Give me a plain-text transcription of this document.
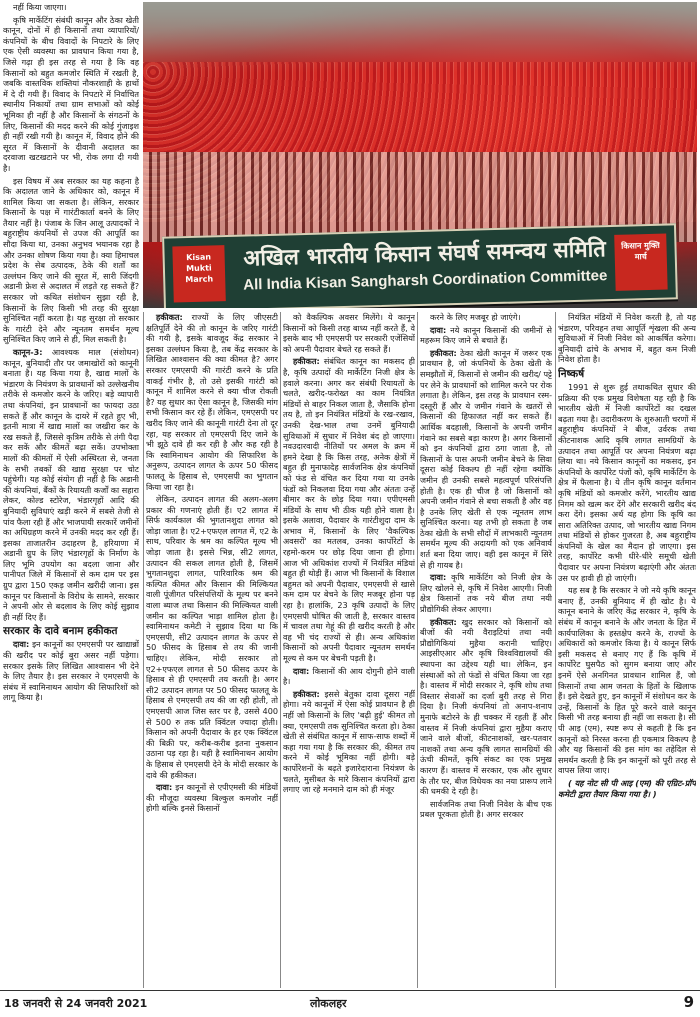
नहीं किया जाएगा।

कृषि मार्केटिंग संबंधी कानून और ठेका खेती कानून, दोनों में ही किसानों तथा व्यापारियों/ कंपनियों के बीच विवादों के निपटारे के लिए एक ऐसी व्यवस्था का प्रावधान किया गया है, जिसे गढ़ा ही इस तरह से गया है कि वह किसानों को बहुत कमजोर स्थिति में रखती है, जबकि वास्तविक शक्तियां नौकरशाही के हाथों में दे दी गयी हैं। विवाद के निपटारे में निर्वाचित स्थानीय निकायों तथा ग्राम सभाओं को कोई भूमिका ही नहीं है और किसानों के संगठनों के लिए, किसानों की मदद करने की कोई गुंजाइश ही नहीं रखी गयी है। कानून में, विवाद होने की सूरत में किसानों के दीवानी अदालत का दरवाजा खटखटाने पर भी, रोक लगा दी गयी है।

इस विषय में अब सरकार का यह कहना है कि अदालत जाने के अधिकार को, कानून में शामिल किया जा सकता है। लेकिन, सरकार किसानों के पक्ष में गारंटीकार्ता बनने के लिए तैयार नहीं है। पंजाब के जिन आलू उत्पादकों ने बहुराष्ट्रीय कंपनियों से उपज की आपूर्ति का सौदा किया था, उनका अनुभव भयानक रहा है और उनका शोषण किया गया है। क्या हिमाचल प्रदेश के सेब उत्पादक, ठेके की शर्तों का उल्लंघन किए जाने की सूरत में, सारी जिंदगी अडानी फ्रेश से अदालत में लड़ते रह सकते हैं? सरकार जो कथित संशोधन सुझा रही है, किसानों के लिए किसी भी तरह की सुरक्षा सुनिश्चित नहीं करता है। यह सुरक्षा तो सरकार के गारंटी देने और न्यूनतम समर्थन मूल्य सुनिश्चित किए जाने से ही, मिल सकती है।

कानून-3: आवश्यक माल (संशोधन) कानून, बुनियादी तौर पर जमाखोरों को कानूनी बनाता है। यह किया गया है, खाद्य मालों के भंडारण के नियंत्रण के प्रावधानों को उल्लेखनीय तरीके से कमजोर करने के जरिए। बड़े व्यापारी तथा कंपनियां, इन प्रावधानों का फायदा उठा सकते हैं और कानून के दायरे में रहते हुए भी, इतनी मात्रा में खाद्य मालों का जखीरा कर के रख सकते हैं, जिससे कृत्रिम तरीके से तंगी पैदा कर सकें और कीमतें बढ़ा सकें। उपभोक्ता मालों की कीमतों में ऐसी अस्थिरता से, जनता के सभी तबकों की खाद्य सुरक्षा पर चोट पहुंचेगी। यह कोई संयोग ही नहीं है कि अडानी की कंपनियां, बैंकों के रियायती कर्जों का सहारा लेकर, कोल्ड स्टोरेज, भंडारगृहों आदि की बुनियादी सुविधाएं खड़ी करने में सबसे तेजी से पांव फैला रही हैं और भाजपायी सरकारें जमीनों का अधिग्रहण करने में उनकी मदद कर रही हैं। इसका ताजातरीन उदाहरण है, हरियाणा में अडानी ग्रुप के लिए भंडारगृहों के निर्माण के लिए भूमि उपयोग का बदला जाना और पानीपत जिले में किसानों से कम दाम पर इस ग्रुप द्वारा 150 एकड़ जमीन खरीदी जाना। इस कानून पर किसानों के विरोध के सामने, सरकार ने अपनी ओर से बदलाव के लिए कोई सुझाव ही नहीं दिए हैं।

सरकार के दावे बनाम हकीकत

दावा: इन कानूनों का एमएसपी पर खाद्यान्नों की खरीद पर कोई बुरा असर नहीं पड़ेगा। सरकार इसके लिए लिखित आश्वासन भी देने के लिए तैयार है। इस सरकार ने एमएसपी के संबंध में स्वामिनाथन आयोग की सिफारिशों को लागू किया है।

Kisan Mukti March
अखिल भारतीय किसान संघर्ष समन्वय समिति
All India Kisan Sangharsh Coordination Committee
किसान मुक्ति मार्च

हकीकत: राज्यों के लिए जीएसटी क्षतिपूर्ति देने की तो कानून के जरिए गारंटी की गयी है, इसके बावजूद केंद्र सरकार ने इसका उल्लंघन किया है, तब केंद्र सरकार के लिखित आश्वासन की क्या कीमत है? अगर सरकार एमएसपी की गारंटी करने के प्रति वाकई गंभीर है, तो उसे इसकी गारंटी को कानून में शामिल करने से क्या चीज रोकती है? यह सुधार का ऐसा कानून है, जिसकी मांग सभी किसान कर रहे हैं। लेकिन, एमएसपी पर खरीद किए जाने की कानूनी गारंटी देना तो दूर रहा, यह सरकार तो एमएसपी दिए जाने के भी झूठे दावे ही कर रही है और कह रही है कि स्वामिनाथन आयोग की सिफारिश के अनुरूप, उत्पादन लागत के ऊपर 50 फीसद फालतू के हिसाब से, एमएसपी का भुगतान किया जा रहा है।

लेकिन, उत्पादन लागत की अलग-अलग प्रकार की गणनाएं होती हैं। ए2 लागत में सिर्फ कार्यकाल की भुगतानशुदा लागत को जोड़ा जाता है। ए2+एफएल लागत में, ए2 के साथ, परिवार के श्रम का कल्पित मूल्य भी जोड़ा जाता है। इससे भिन्न, सी2 लागत, उत्पादन की सकल लागत होती है, जिसमें भुगतानशुदा लागत, पारिवारिक श्रम की कल्पित कीमत और किसान की मिल्कियत वाली पूंजीगत परिसंपत्तियों के मूल्य पर बनने वाला ब्याज तथा किसान की मिल्कियत वाली जमीन का कल्पित भाड़ा शामिल होता है। स्वामिनाथन कमेटी ने सुझाव दिया था कि एमएसपी, सी2 उत्पादन लागत के ऊपर से 50 फीसद के हिसाब से तय की जानी चाहिए। लेकिन, मोदी सरकार तो ए2+एफएल लागत से 50 फीसद ऊपर के हिसाब से ही एमएसपी तय करती है। अगर सी2 उत्पादन लागत पर 50 फीसद फालतू के हिसाब से एमएसपी तय की जा रही होती, तो एमएसपी आज जिस स्तर पर है, उससे 400 से 500 रु तक प्रति क्विंटल ज्यादा होती। किसान को अपनी पैदावार के हर एक क्विंटल की बिक्री पर, करीब-करीब इतना नुकसान उठाना पड़ रहा है। यही है स्वामिनाथन आयोग के हिसाब से एमएसपी देने के मोदी सरकार के दावे की हकीकत।

दावा: इन कानूनों से एपीएमसी की मंडियों की मौजूदा व्यवस्था बिल्कुल कमजोर नहीं होगी बल्कि इनसे किसानों

को वैकल्पिक अवसर मिलेंगे। ये कानून किसानों को किसी तरह बाध्य नहीं करते हैं, वे इसके बाद भी एमएसपी पर सरकारी एजेंसियों को अपनी पैदावार बेचते रह सकते हैं।

हकीकत: संबंधित कानून का मकसद ही है, कृषि उत्पादों की मार्केटिंग निजी क्षेत्र के हवाले करना। अगर कर संबंधी रियायतों के चलते, खरीद-फरोख्त का काम नियंत्रित मंडियों से बाहर निकल जाता है, जैसाकि होना तय है, तो इन नियंत्रित मंडियों के रख-रखाव, उनकी देख-भाल तथा उनमें बुनियादी सुविधाओं में सुधार में निवेश बंद हो जाएगा। नवउदारवादी नीतियों पर अमल के क्रम में हमने देखा है कि किस तरह, अनेक क्षेत्रों में बहुत ही मुनाफादेह सार्वजनिक क्षेत्र कंपनियों को फंड से वंचित कर दिया गया या उनके फंडों को निकलवा दिया गया और अंततः उन्हें बीमार कर के छोड़ दिया गया। एपीएमसी मंडियों के साथ भी ठीक यही होने वाला है। इसके अलावा, पैदावार के गारंटीशुदा दाम के अभाव में, किसानों के लिए 'वैकल्पिक अवसरों' का मतलब, उनका कार्पोरेटों के रहमो-करम पर छोड़ दिया जाना ही होगा। आज भी अधिकांश राज्यों में नियंत्रित मंडियां बहुत ही थोड़ी हैं। आज भी किसानों के विशाल बहुमत को अपनी पैदावार, एमएसपी से खासे कम दाम पर बेचने के लिए मजबूर होना पड़ रहा है। हालांकि, 23 कृषि उत्पादों के लिए एमएसपी घोषित की जाती है, सरकार वास्तव में चावल तथा गेहूं की ही खरीद करती है और वह भी चंद राज्यों से ही। अन्य अधिकांश किसानों को अपनी पैदावार न्यूनतम समर्थन मूल्य से कम पर बेचनी पड़ती है।

दावा: किसानों की आय दोगुनी होने वाली है।

हकीकत: इससे बेतुका दावा दूसरा नहीं होगा। नये कानूनों में ऐसा कोई प्रावधान है ही नहीं जो किसानों के लिए 'बढ़ी हुई' कीमत तो क्या, एमएसपी तक सुनिश्चित करता हो। ठेका खेती से संबंधित कानून में साफ-साफ शब्दों में कहा गया गया है कि सरकार की, कीमत तय करने में कोई भूमिका नहीं होगी। बड़े कार्पोरेशनों के बढ़ते इजारेदाराना नियंत्रण के चलते, मुसीबत के मारे किसान कंपनियों द्वारा लगाए जा रहे मनमाने दाम को ही मंजूर

करने के लिए मजबूर हो जाएंगे।

दावा: नये कानून किसानों की जमीनों से महरूम किए जाने से बचाते हैं।

हकीकत: ठेका खेती कानून में जरूर एक प्रावधान है, जो कंपनियों के ठेका खेती के समझौतों में, किसानों से जमीन की खरीद/ पट्टे पर लेने के प्रावधानों को शामिल करने पर रोक लगाता है। लेकिन, इस तरह के प्रावधान रस्म-दस्तूरी हैं और ये जमीन गंवाने के खतरों से किसानों की हिफाजत नहीं कर सकते हैं। आर्थिक बदहाली, किसानों के अपनी जमीन गंवाने का सबसे बड़ा कारण है। अगर किसानों को इन कंपनियों द्वारा ठगा जाता है, तो किसानों के पास अपनी जमीन बेचने के सिवा दूसरा कोई विकल्प ही नहीं रहेगा क्योंकि जमीन ही उनकी सबसे महत्वपूर्ण परिसंपत्ति होती है। एक ही चीज है जो किसानों को अपनी जमीन गंवाने से बचा सकती है और वह है उनके लिए खेती से एक न्यूनतम लाभ सुनिश्चित करना। यह तभी हो सकता है जब ठेका खेती के सभी सौदों में लाभकारी न्यूनतम समर्थन मूल्य की अदायगी को एक अनिवार्य शर्त बना दिया जाए। वही इस कानून में सिरे से ही गायब है।

दावा: कृषि मार्केटिंग को निजी क्षेत्र के लिए खोलने से, कृषि में निवेश आएगी। निजी क्षेत्र किसानों तक नये बीज तथा नयी प्रौद्योगिकी लेकर आएगा।

हकीकत: खुद सरकार को किसानों को बीजों की नयी वैराइटियां तथा नयी प्रौद्योगिकियां मुहैया करानी चाहिए। आइसीएआर और कृषि विश्वविद्यालयों की स्थापना का उद्देश्य यही था। लेकिन, इन संस्थाओं को तो फंडों से वंचित किया जा रहा है। वास्तव में मोदी सरकार ने, कृषि शोध तथा विस्तार सेवाओं का दर्जा बुरी तरह से गिरा दिया है। निजी कंपनियां तो अनाप-शनाप मुनाफे बटोरने के ही चक्कर में रहती हैं और वास्तव में निजी कंपनियां द्वारा मुहैया कराए जाने वाले बीजों, कीटनाशकों, खर-पतवार नाशकों तथा अन्य कृषि लागत सामग्रियों की ऊंची कीमतें, कृषि संकट का एक प्रमुख कारण हैं। वास्तव में सरकार, एक और सुधार के तौर पर, बीज विधेयक का नया प्रारूप लाने की धमकी दे रही है।

सार्वजनिक तथा निजी निवेश के बीच एक प्रबल पूरकता होती है। अगर सरकार

नियंत्रित मंडियों में निवेश करती है, तो यह भंडारण, परिवहन तथा आपूर्ति शृंखला की अन्य सुविधाओं में निजी निवेश को आकर्षित करेगा। बुनियादी ढांचे के अभाव में, बहुत कम निजी निवेश होता है।

निष्कर्ष

1991 से शुरू हुई तथाकथित सुधार की प्रक्रिया की एक प्रमुख विशेषता यह रही है कि भारतीय खेती में निजी कार्पोरेटों का दखल बढ़ता गया है। उदारीकरण के शुरुआती चरणों में बहुराष्ट्रीय कंपनियों ने बीज, उर्वरक तथा कीटनाशक आदि कृषि लागत सामग्रियों के उत्पादन तथा आपूर्ति पर अपना नियंत्रण बढ़ा लिया था। नये किसान कानूनों का मकसद, इन कंपनियों के कार्पोरेट पंजों को, कृषि मार्केटिंग के क्षेत्र में फैलाना है। ये तीन कृषि कानून वर्तमान कृषि मंडियों को कमजोर करेंगे, भारतीय खाद्य निगम को खत्म कर देंगे और सरकारी खरीद बंद करा देंगे। इसका अर्थ यह होगा कि कृषि का सारा अतिरिक्त उत्पाद, जो भारतीय खाद्य निगम तथा मंडियों से होकर गुजरता है, अब बहुराष्ट्रीय कंपनियों के खेल का मैदान हो जाएगा। इस तरह, कार्पोरेट कभी धीरे-धीरे समूची खेती पैदावार पर अपना नियंत्रण बढ़ाएंगी और अंततः उस पर हावी ही हो जाएंगी।

यह सब है कि सरकार ने जो नये कृषि कानून बनाए हैं, उनकी बुनियाद में ही खोट है। ये कानून बनाने के जरिए केंद्र सरकार ने, कृषि के संबंध में कानून बनाने के और जनता के हित में कार्यपालिका के हस्तक्षेप करने के, राज्यों के अधिकारों को कमजोर किया है। ये कानून सिर्फ इसी मकसद से बनाए गए हैं कि कृषि में कार्पोरेट घुसपैठ को सुगम बनाया जाए और इनमें ऐसे अनगिनत प्रावधान शामिल हैं, जो किसानों तथा आम जनता के हितों के खिलाफ हैं। इसे देखते हुए, इन कानूनों में संशोधन कर के उन्हें, किसानों के हित पूरे करने वाले कानून किसी भी तरह बनाया ही नहीं जा सकता है। सी पी आइ (एम), स्पष्ट रूप से कहती है कि इन कानूनों को निरस्त करना ही एकमात्र विकल्प है और यह किसानों की इस मांग का तहेदिल से समर्थन करती है कि इन कानूनों को पूरी तरह से वापस लिया जाए।

( यह नोट सी पी आइ (एम) की एग्रिट-प्रॉप कमेटी द्वारा तैयार किया गया है। )

18 जनवरी से 24 जनवरी 2021	लोकलहर	9
